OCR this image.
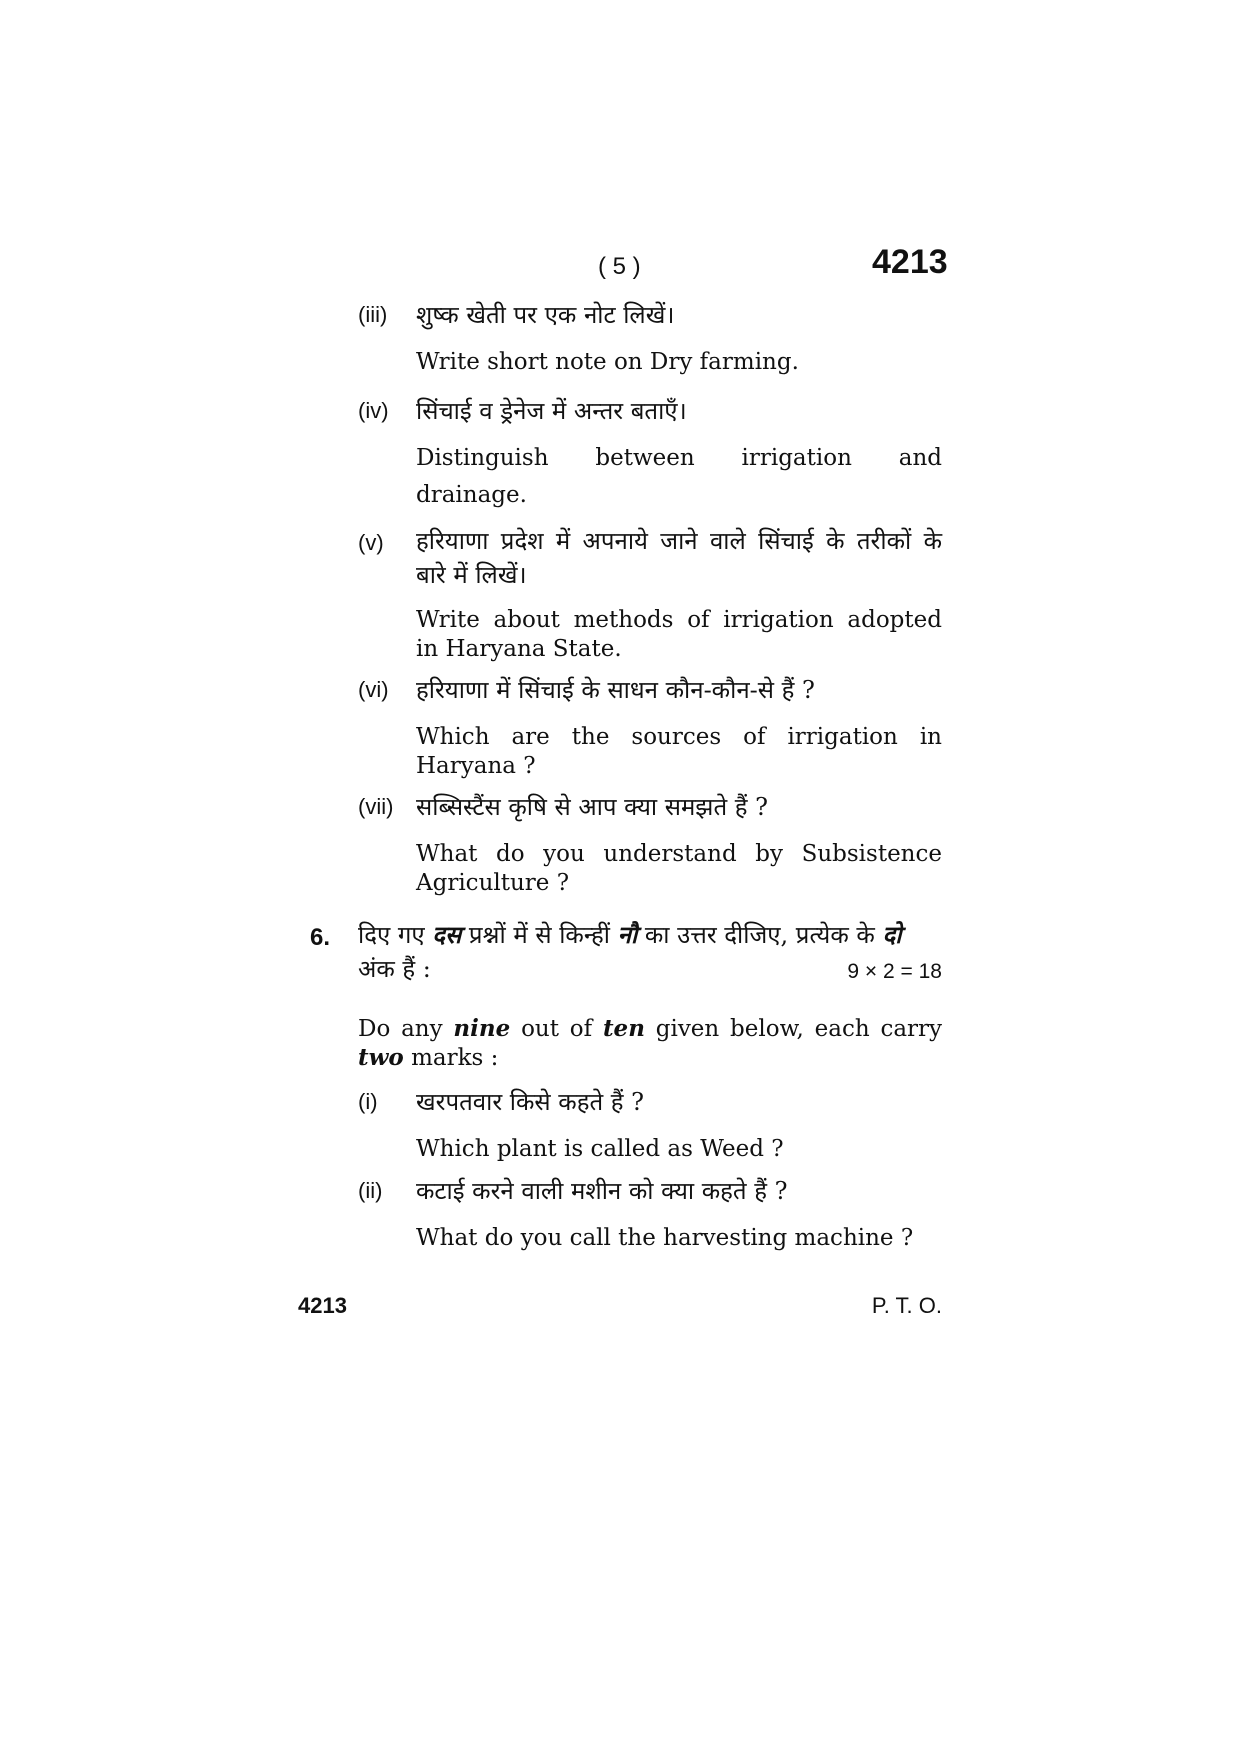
( 5 )	4213
(iii) शुष्क खेती पर एक नोट लिखें।
Write short note on Dry farming.
(iv) सिंचाई व ड्रेनेज में अन्तर बताएँ।
Distinguish between irrigation and
drainage.
(v) हरियाणा प्रदेश में अपनाये जाने वाले सिंचाई के तरीकों के
बारे में लिखें।
Write about methods of irrigation adopted
in Haryana State.
(vi) हरियाणा में सिंचाई के साधन कौन-कौन-से हैं ?
Which are the sources of irrigation in
Haryana ?
(vii) सब्सिस्टैंस कृषि से आप क्या समझते हैं ?
What do you understand by Subsistence
Agriculture ?
6. दिए गए दस प्रश्नों में से किन्हीं नौ का उत्तर दीजिए, प्रत्येक के दो
अंक हैं :	9 × 2 = 18
Do any nine out of ten given below, each carry
two marks :
(i) खरपतवार किसे कहते हैं ?
Which plant is called as Weed ?
(ii) कटाई करने वाली मशीन को क्या कहते हैं ?
What do you call the harvesting machine ?
4213	P. T. O.
